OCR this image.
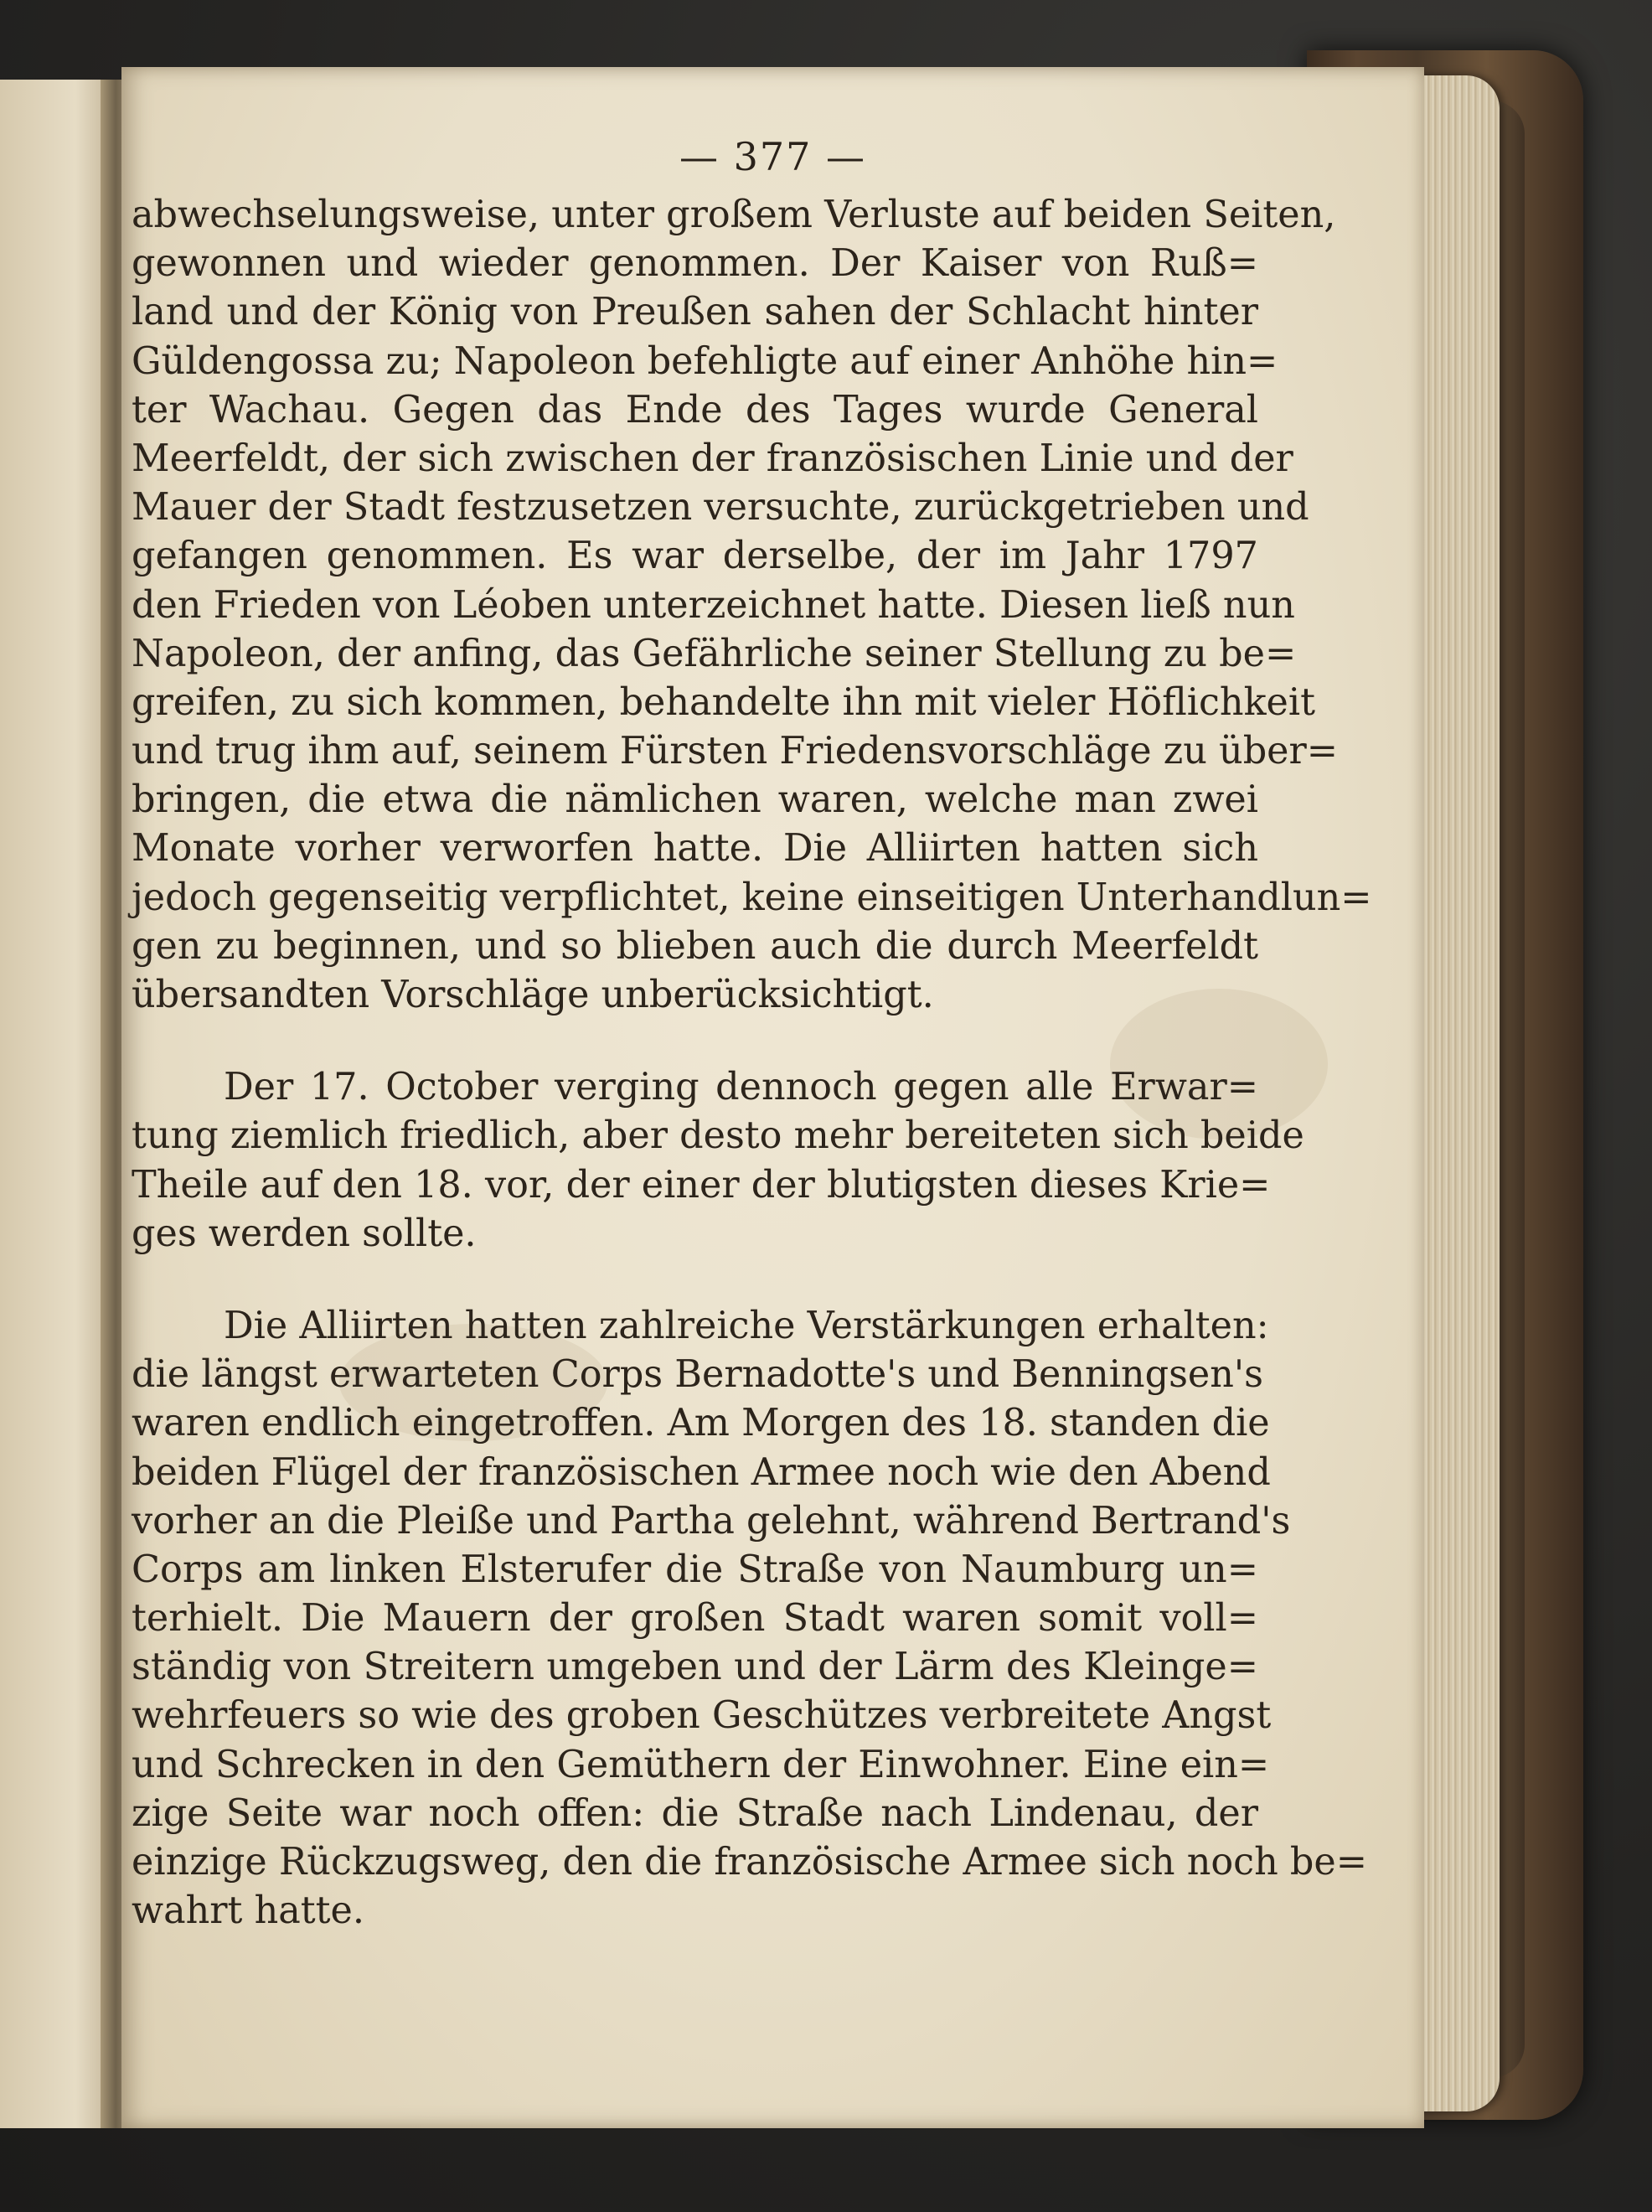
— 377 —
abwechselungsweise, unter großem Verluste auf beiden Seiten,
gewonnen und wieder genommen. Der Kaiser von Ruß=
land und der König von Preußen sahen der Schlacht hinter
Güldengossa zu; Napoleon befehligte auf einer Anhöhe hin=
ter Wachau. Gegen das Ende des Tages wurde General
Meerfeldt, der sich zwischen der französischen Linie und der
Mauer der Stadt festzusetzen versuchte, zurückgetrieben und
gefangen genommen. Es war derselbe, der im Jahr 1797
den Frieden von Léoben unterzeichnet hatte. Diesen ließ nun
Napoleon, der anfing, das Gefährliche seiner Stellung zu be=
greifen, zu sich kommen, behandelte ihn mit vieler Höflichkeit
und trug ihm auf, seinem Fürsten Friedensvorschläge zu über=
bringen, die etwa die nämlichen waren, welche man zwei
Monate vorher verworfen hatte. Die Alliirten hatten sich
jedoch gegenseitig verpflichtet, keine einseitigen Unterhandlun=
gen zu beginnen, und so blieben auch die durch Meerfeldt
übersandten Vorschläge unberücksichtigt.
Der 17. October verging dennoch gegen alle Erwar=
tung ziemlich friedlich, aber desto mehr bereiteten sich beide
Theile auf den 18. vor, der einer der blutigsten dieses Krie=
ges werden sollte.
Die Alliirten hatten zahlreiche Verstärkungen erhalten:
die längst erwarteten Corps Bernadotte's und Benningsen's
waren endlich eingetroffen. Am Morgen des 18. standen die
beiden Flügel der französischen Armee noch wie den Abend
vorher an die Pleiße und Partha gelehnt, während Bertrand's
Corps am linken Elsterufer die Straße von Naumburg un=
terhielt. Die Mauern der großen Stadt waren somit voll=
ständig von Streitern umgeben und der Lärm des Kleinge=
wehrfeuers so wie des groben Geschützes verbreitete Angst
und Schrecken in den Gemüthern der Einwohner. Eine ein=
zige Seite war noch offen: die Straße nach Lindenau, der
einzige Rückzugsweg, den die französische Armee sich noch be=
wahrt hatte.
